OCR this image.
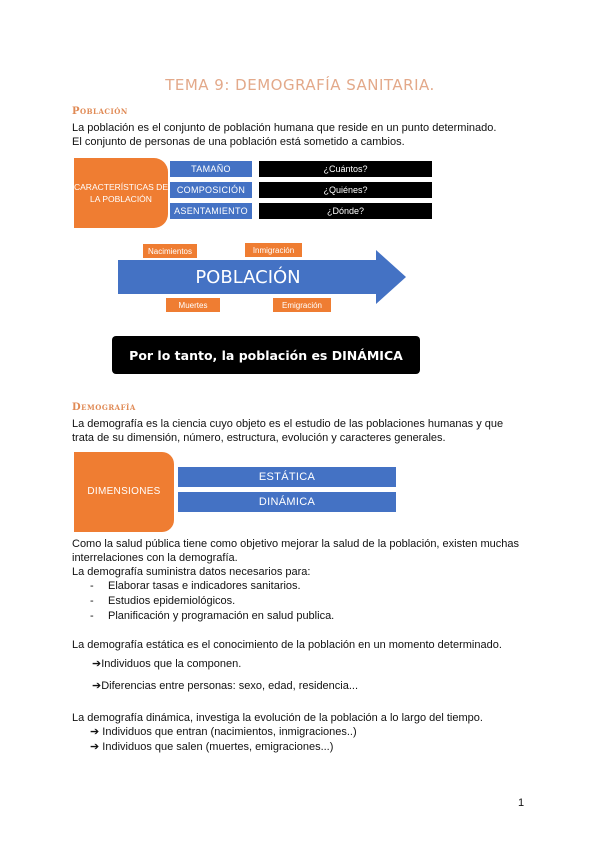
TEMA 9: DEMOGRAFÍA SANITARIA.
Población
La población es el conjunto de población humana que reside en un punto determinado.
El conjunto de personas de una población está sometido a cambios.
CARACTERÍSTICAS DE LA POBLACIÓN
TAMAÑO
COMPOSICIÓN
ASENTAMIENTO
¿Cuántos?
¿Quiénes?
¿Dónde?
POBLACIÓN
Nacimientos	Inmigración
Muertes	Emigración
Por lo tanto, la población es DINÁMICA
Demografía
La demografía es la ciencia cuyo objeto es el estudio de las poblaciones humanas y que
trata de su dimensión, número, estructura, evolución y caracteres generales.
DIMENSIONES
ESTÁTICA
DINÁMICA
Como la salud pública tiene como objetivo mejorar la salud de la población, existen muchas
interrelaciones con la demografía.
La demografía suministra datos necesarios para:
- Elaborar tasas e indicadores sanitarios.
- Estudios epidemiológicos.
- Planificación y programación en salud publica.
La demografía estática es el conocimiento de la población en un momento determinado.
➔Individuos que la componen.
➔Diferencias entre personas: sexo, edad, residencia...
La demografía dinámica, investiga la evolución de la población a lo largo del tiempo.
➔ Individuos que entran (nacimientos, inmigraciones..)
➔ Individuos que salen (muertes, emigraciones...)
1
